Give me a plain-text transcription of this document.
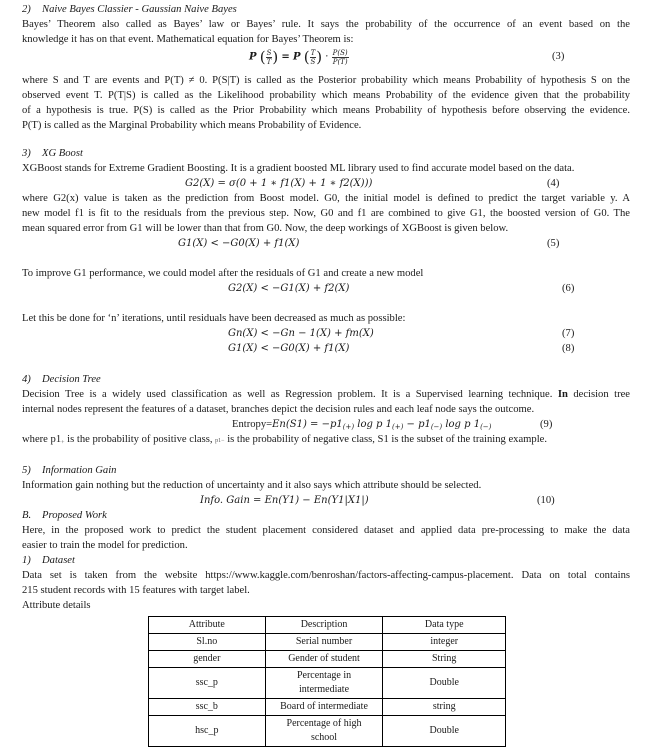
2) Naive Bayes Classier - Gaussian Naive Bayes
Bayes’ Theorem also called as Bayes’ law or Bayes’ rule. It says the probability of the occurrence of an event based on the
knowledge it has on that event. Mathematical equation for Bayes’ Theorem is:
P ( $\frac{S}{T}$ ) = P ( $\frac{T}{S}$ ) · $\frac{P(S)}{P(T)}$	(3)
where S and T are events and P(T) ≠ 0. P(S|T) is called as the Posterior probability which means Probability of hypothesis S on the
observed event T. P(T|S) is called as the Likelihood probability which means Probability of the evidence given that the probability
of a hypothesis is true. P(S) is called as the Prior Probability which means Probability of hypothesis before observing the evidence.
P(T) is called as the Marginal Probability which means Probability of Evidence.
3) XG Boost
XGBoost stands for Extreme Gradient Boosting. It is a gradient boosted ML library used to find accurate model based on the data.
G2(X) = σ(0 + 1 ∗ f1(X) + 1 ∗ f2(X)))	(4)
where G2(x) value is taken as the prediction from Boost model. G0, the initial model is defined to predict the target variable y. A
new model f1 is fit to the residuals from the previous step. Now, G0 and f1 are combined to give G1, the boosted version of G0. The
mean squared error from G1 will be lower than that from G0. Now, the deep workings of XGBoost is given below.
G1(X) < −G0(X) + f1(X)	(5)
To improve G1 performance, we could model after the residuals of G1 and create a new model
G2(X) < −G1(X) + f2(X)	(6)
Let this be done for ‘n’ iterations, until residuals have been decreased as much as possible:
Gn(X) < −Gn − 1(X) + fm(X)	(7)
G1(X) < −G0(X) + f1(X)	(8)
4) Decision Tree
Decision Tree is a widely used classification as well as Regression problem. It is a Supervised learning technique. In decision tree
internal nodes represent the features of a dataset, branches depict the decision rules and each leaf node says the outcome.
Entropy=En(S1) = $-p1_{(+)}$ log p $1_{(+)} - p1_{(-)}$ log p $1_{(-)}$	(9)
where $p1_+$ is the probability of positive class, p1− is the probability of negative class, S1 is the subset of the training example.
5) Information Gain
Information gain nothing but the reduction of uncertainty and it also says which attribute should be selected.
Info. Gain = En(Y1) − En(Y1|X1|)	(10)
B. Proposed Work
Here, in the proposed work to predict the student placement considered dataset and applied data pre-processing to make the data
easier to train the model for prediction.
1) Dataset
Data set is taken from the website https://www.kaggle.com/benroshan/factors-affecting-campus-placement. Data on total contains
215 student records with 15 features with target label.
Attribute details
Attribute	Description	Data type
Sl.no	Serial number	integer
gender	Gender of student	String
ssc_p	Percentage in intermediate	Double
ssc_b	Board of intermediate	string
hsc_p	Percentage of high school	Double
